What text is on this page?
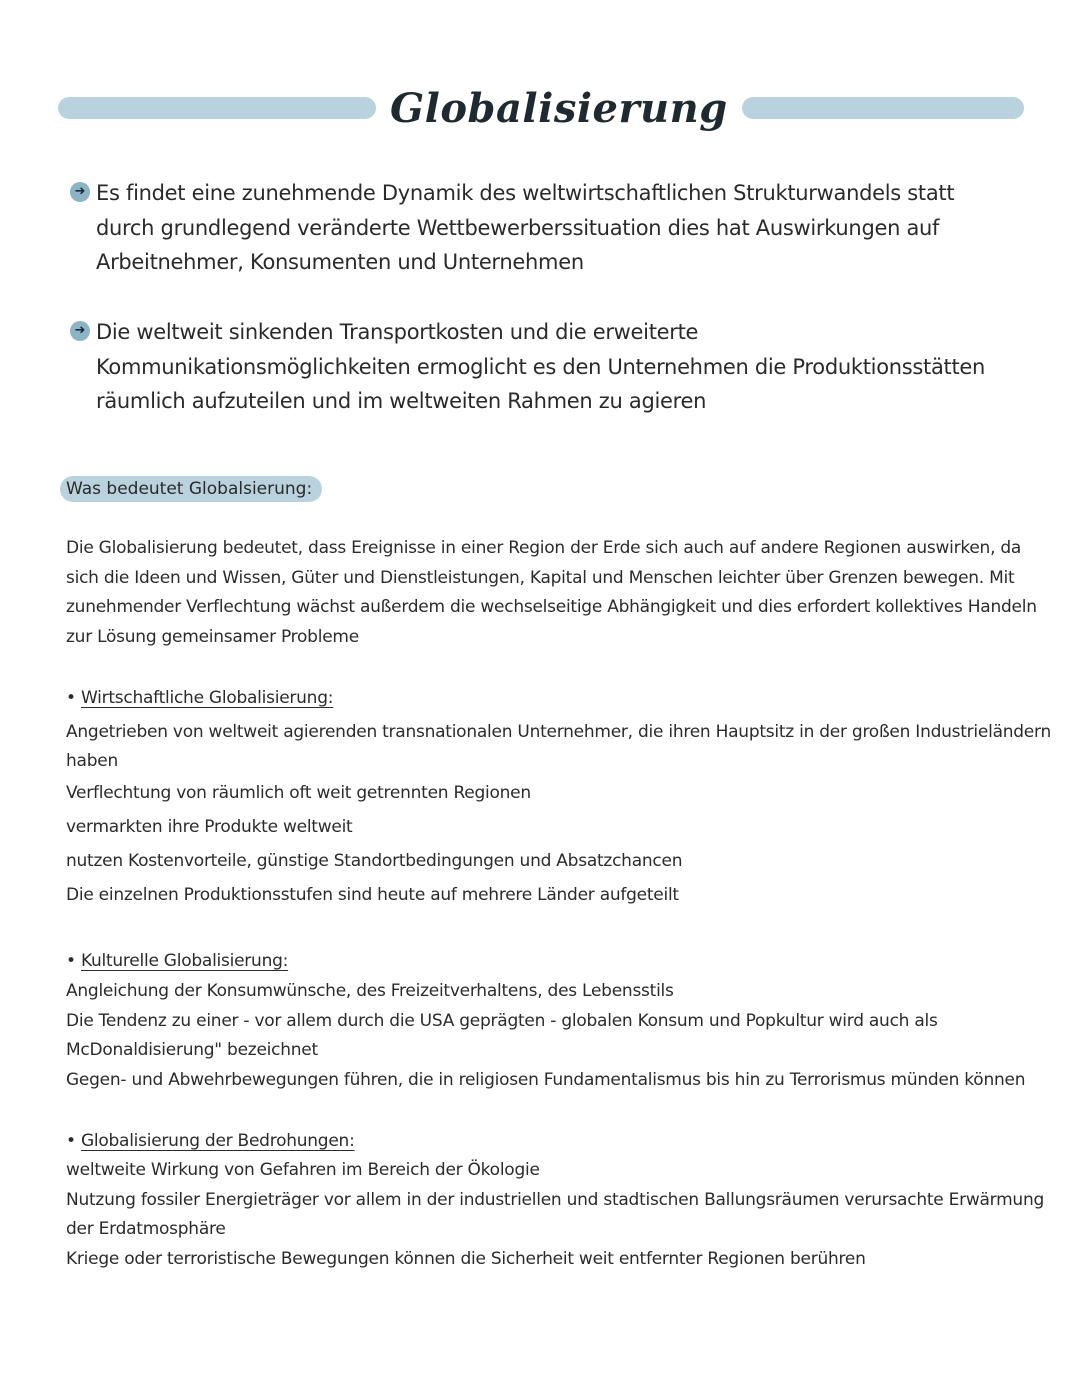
Globalisierung
➜ Es findet eine zunehmende Dynamik des weltwirtschaftlichen Strukturwandels statt durch grundlegend veränderte Wettbewerberssituation dies hat Auswirkungen auf Arbeitnehmer, Konsumenten und Unternehmen
➜ Die weltweit sinkenden Transportkosten und die erweiterte Kommunikationsmöglichkeiten ermoglicht es den Unternehmen die Produktionsstätten räumlich aufzuteilen und im weltweiten Rahmen zu agieren
Was bedeutet Globalsierung:
Die Globalisierung bedeutet, dass Ereignisse in einer Region der Erde sich auch auf andere Regionen auswirken, da sich die Ideen und Wissen, Güter und Dienstleistungen, Kapital und Menschen leichter über Grenzen bewegen. Mit zunehmender Verflechtung wächst außerdem die wechselseitige Abhängigkeit und dies erfordert kollektives Handeln zur Lösung gemeinsamer Probleme
• Wirtschaftliche Globalisierung:
Angetrieben von weltweit agierenden transnationalen Unternehmer, die ihren Hauptsitz in der großen Industrieländern haben
Verflechtung von räumlich oft weit getrennten Regionen
vermarkten ihre Produkte weltweit
nutzen Kostenvorteile, günstige Standortbedingungen und Absatzchancen
Die einzelnen Produktionsstufen sind heute auf mehrere Länder aufgeteilt
• Kulturelle Globalisierung:
Angleichung der Konsumwünsche, des Freizeitverhaltens, des Lebensstils
Die Tendenz zu einer - vor allem durch die USA geprägten - globalen Konsum und Popkultur wird auch als McDonaldisierung" bezeichnet
Gegen- und Abwehrbewegungen führen, die in religiosen Fundamentalismus bis hin zu Terrorismus münden können
• Globalisierung der Bedrohungen:
weltweite Wirkung von Gefahren im Bereich der Ökologie
Nutzung fossiler Energieträger vor allem in der industriellen und stadtischen Ballungsräumen verursachte Erwärmung der Erdatmosphäre
Kriege oder terroristische Bewegungen können die Sicherheit weit entfernter Regionen berühren
